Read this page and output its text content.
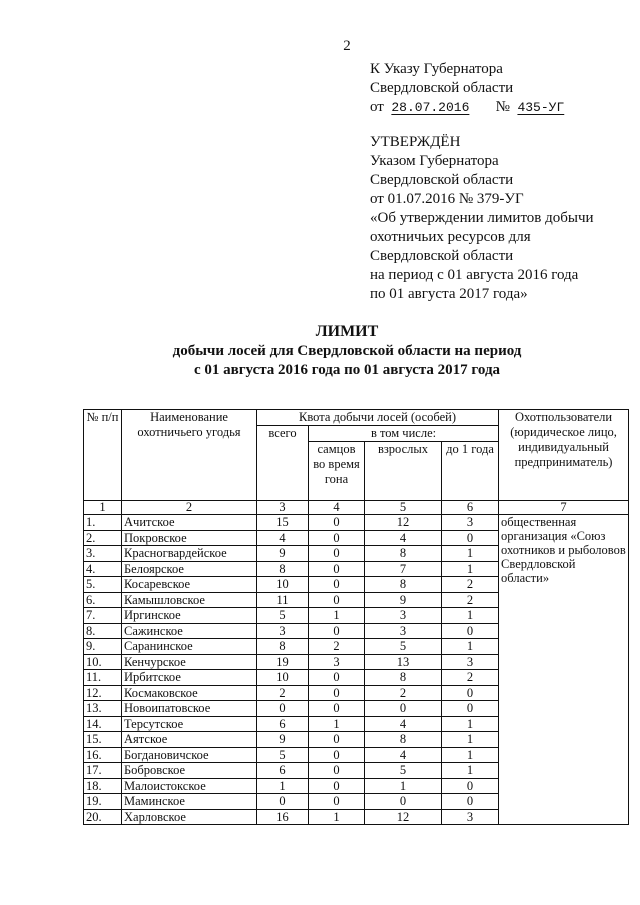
2
К Указу Губернатора
Свердловской области
от 28.07.2016 № 435-УГ
УТВЕРЖДЁН
Указом Губернатора
Свердловской области
от 01.07.2016 № 379-УГ
«Об утверждении лимитов добычи
охотничьих ресурсов для
Свердловской области
на период с 01 августа 2016 года
по 01 августа 2017 года»
ЛИМИТ
добычи лосей для Свердловской области на период
с 01 августа 2016 года по 01 августа 2017 года
№ п/п	Наименование охотничьего угодья	Квота добычи лосей (особей)				Охотпользователи (юридическое лицо, индивидуальный предприниматель)
		всего	в том числе:			
			самцов во время гона	взрослых	до 1 года	
1	2	3	4	5	6	7
1.	Ачитское	15	0	12	3	общественная организация «Союз охотников и рыболовов Свердловской области»
2.	Покровское	4	0	4	0	
3.	Красногвардейское	9	0	8	1	
4.	Белоярское	8	0	7	1	
5.	Косаревское	10	0	8	2	
6.	Камышловское	11	0	9	2	
7.	Иргинское	5	1	3	1	
8.	Сажинское	3	0	3	0	
9.	Саранинское	8	2	5	1	
10.	Кенчурское	19	3	13	3	
11.	Ирбитское	10	0	8	2	
12.	Космаковское	2	0	2	0	
13.	Новоипатовское	0	0	0	0	
14.	Терсутское	6	1	4	1	
15.	Аятское	9	0	8	1	
16.	Богдановичское	5	0	4	1	
17.	Бобровское	6	0	5	1	
18.	Малоистокское	1	0	1	0	
19.	Маминское	0	0	0	0	
20.	Харловское	16	1	12	3	
